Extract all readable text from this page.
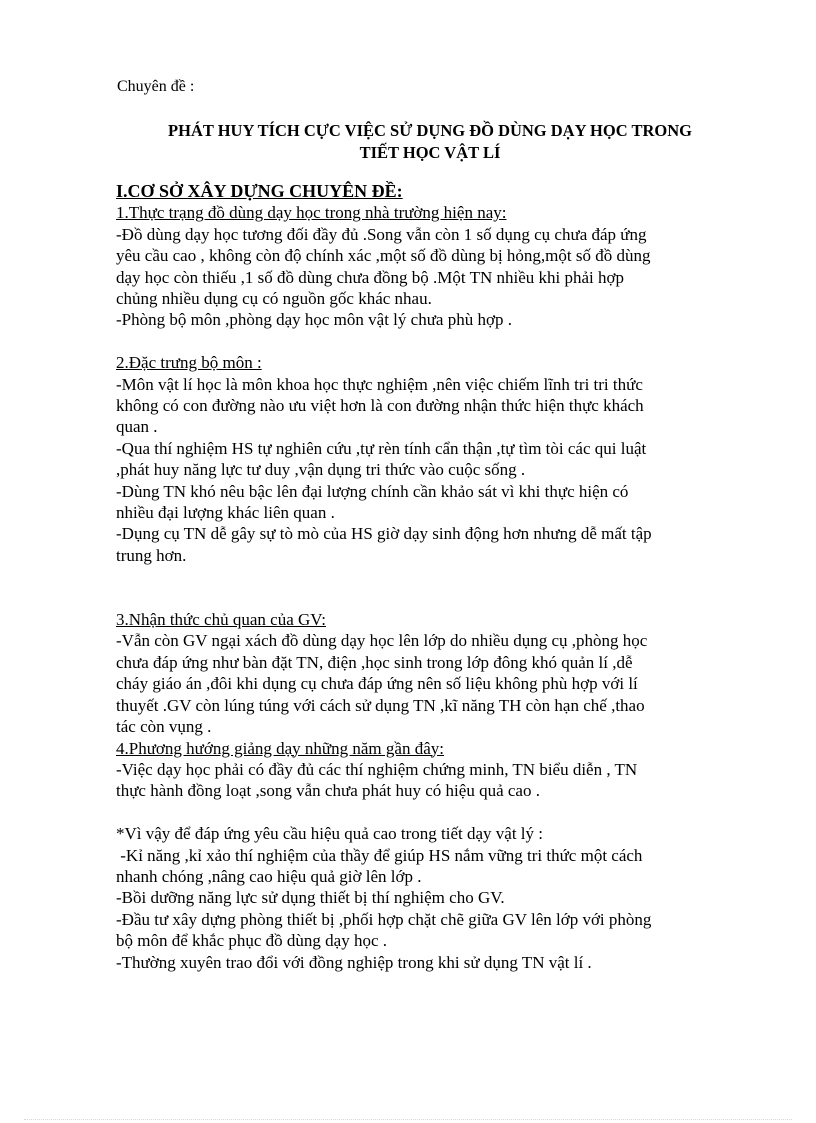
Chuyên đề :

PHÁT HUY TÍCH CỰC VIỆC SỬ DỤNG ĐỒ DÙNG DẠY HỌC TRONG
TIẾT HỌC VẬT LÍ

I.CƠ SỞ XÂY DỰNG CHUYÊN ĐỀ:

1.Thực trạng đồ dùng dạy học trong nhà trường hiện nay:

-Đồ dùng dạy học tương đối đầy đủ .Song vẫn còn 1 số dụng cụ chưa đáp ứng

yêu cầu cao , không còn độ chính xác ,một số đồ dùng bị hỏng,một số đồ dùng

dạy học còn thiếu ,1 số đồ dùng chưa đồng bộ .Một TN nhiều khi phải hợp

chủng nhiều dụng cụ có nguồn gốc khác nhau.

-Phòng bộ môn ,phòng dạy học môn vật lý chưa phù hợp .

2.Đặc trưng bộ môn :

-Môn vật lí học là môn khoa học thực nghiệm ,nên việc chiếm lĩnh tri tri thức

không có con đường nào ưu việt hơn là con đường nhận thức hiện thực khách

quan .

-Qua thí nghiệm HS tự nghiên cứu ,tự rèn tính cẩn thận ,tự tìm tòi các qui luật

,phát huy năng lực tư duy ,vận dụng tri thức vào cuộc sống .

-Dùng TN khó nêu bậc lên đại lượng chính cần khảo sát vì khi thực hiện có

nhiều đại lượng khác liên quan .

-Dụng cụ TN dễ gây sự tò mò của HS giờ dạy sinh động hơn nhưng dễ mất tập

trung hơn.

3.Nhận thức chủ quan của GV:

-Vẫn còn GV ngại xách đồ dùng dạy học lên lớp do nhiều dụng cụ ,phòng học

chưa đáp ứng như bàn đặt TN, điện ,học sinh trong lớp đông khó quản lí ,dễ

cháy giáo án ,đôi khi dụng cụ chưa đáp ứng nên số liệu không phù hợp với lí

thuyết .GV còn lúng túng với cách sử dụng TN ,kĩ năng TH còn hạn chế ,thao

tác còn vụng .

4.Phương hướng giảng dạy những năm gần đây:

-Việc dạy học phải có đầy đủ các thí nghiệm chứng minh, TN biểu diễn , TN

thực hành đồng loạt ,song vẫn chưa phát huy có hiệu quả cao .

*Vì vậy để đáp ứng yêu cầu hiệu quả cao trong tiết dạy vật lý :

-Kỉ năng ,kỉ xảo thí nghiệm của thầy để giúp HS nắm vững tri thức một cách

nhanh chóng ,nâng cao hiệu quả giờ lên lớp .

-Bồi dưỡng năng lực sử dụng thiết bị thí nghiệm cho GV.

-Đầu tư xây dựng phòng thiết bị ,phối hợp chặt chẽ giữa GV lên lớp với phòng

bộ môn để khắc phục đồ dùng dạy học .

-Thường xuyên trao đổi với đồng nghiệp trong khi sử dụng TN vật lí .
